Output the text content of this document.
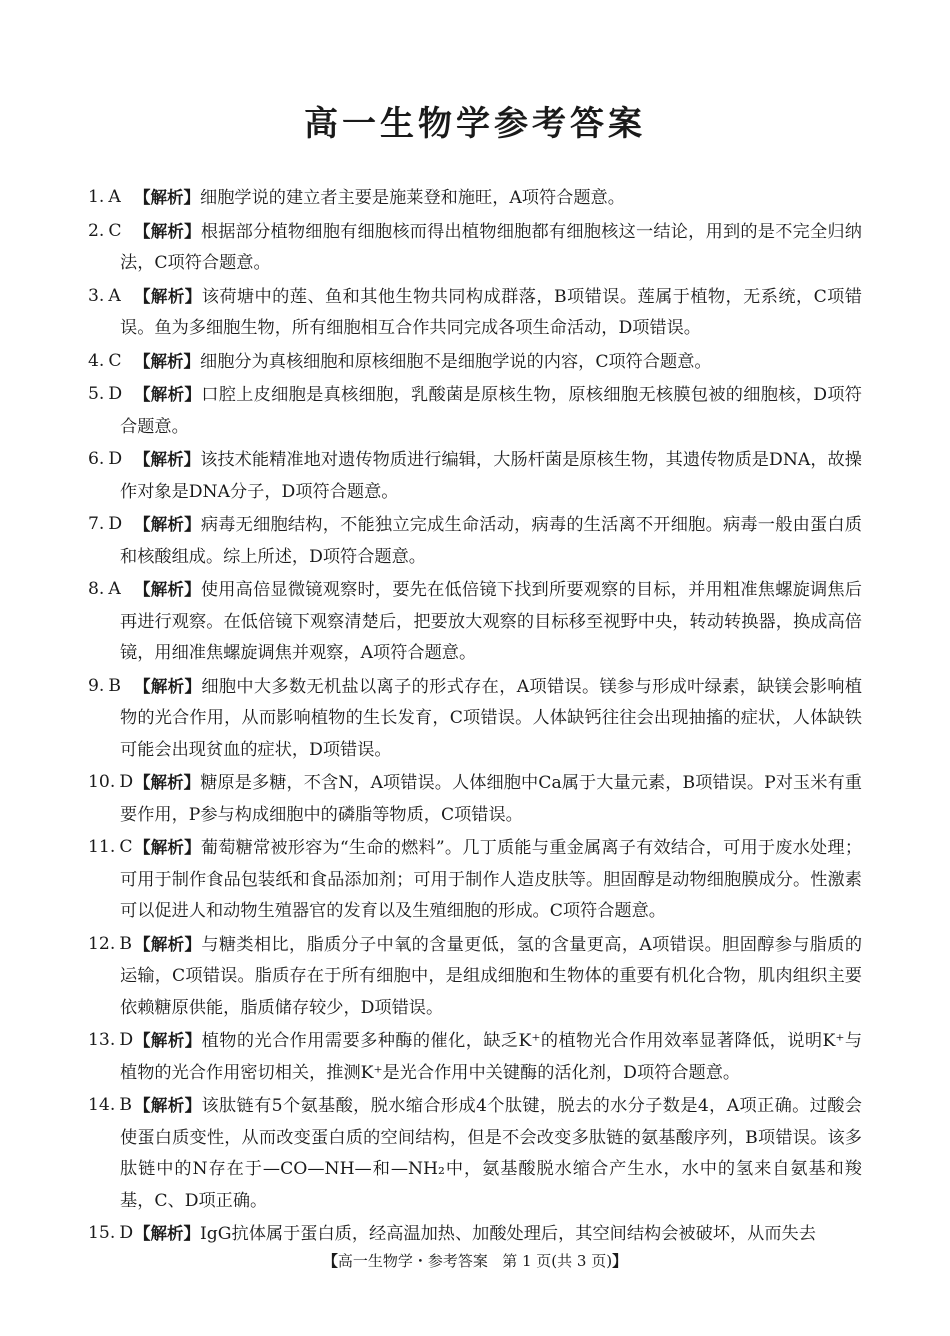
高一生物学参考答案
1. A 【解析】细胞学说的建立者主要是施莱登和施旺，A项符合题意。
2. C 【解析】根据部分植物细胞有细胞核而得出植物细胞都有细胞核这一结论，用到的是不完全归纳法，C项符合题意。
3. A 【解析】该荷塘中的莲、鱼和其他生物共同构成群落，B项错误。莲属于植物，无系统，C项错误。鱼为多细胞生物，所有细胞相互合作共同完成各项生命活动，D项错误。
4. C 【解析】细胞分为真核细胞和原核细胞不是细胞学说的内容，C项符合题意。
5. D 【解析】口腔上皮细胞是真核细胞，乳酸菌是原核生物，原核细胞无核膜包被的细胞核，D项符合题意。
6. D 【解析】该技术能精准地对遗传物质进行编辑，大肠杆菌是原核生物，其遗传物质是DNA，故操作对象是DNA分子，D项符合题意。
7. D 【解析】病毒无细胞结构，不能独立完成生命活动，病毒的生活离不开细胞。病毒一般由蛋白质和核酸组成。综上所述，D项符合题意。
8. A 【解析】使用高倍显微镜观察时，要先在低倍镜下找到所要观察的目标，并用粗准焦螺旋调焦后再进行观察。在低倍镜下观察清楚后，把要放大观察的目标移至视野中央，转动转换器，换成高倍镜，用细准焦螺旋调焦并观察，A项符合题意。
9. B 【解析】细胞中大多数无机盐以离子的形式存在，A项错误。镁参与形成叶绿素，缺镁会影响植物的光合作用，从而影响植物的生长发育，C项错误。人体缺钙往往会出现抽搐的症状，人体缺铁可能会出现贫血的症状，D项错误。
10. D 【解析】糖原是多糖，不含N，A项错误。人体细胞中Ca属于大量元素，B项错误。P对玉米有重要作用，P参与构成细胞中的磷脂等物质，C项错误。
11. C 【解析】葡萄糖常被形容为“生命的燃料”。几丁质能与重金属离子有效结合，可用于废水处理；可用于制作食品包装纸和食品添加剂；可用于制作人造皮肤等。胆固醇是动物细胞膜成分。性激素可以促进人和动物生殖器官的发育以及生殖细胞的形成。C项符合题意。
12. B 【解析】与糖类相比，脂质分子中氧的含量更低，氢的含量更高，A项错误。胆固醇参与脂质的运输，C项错误。脂质存在于所有细胞中，是组成细胞和生物体的重要有机化合物，肌肉组织主要依赖糖原供能，脂质储存较少，D项错误。
13. D 【解析】植物的光合作用需要多种酶的催化，缺乏K⁺的植物光合作用效率显著降低，说明K⁺与植物的光合作用密切相关，推测K⁺是光合作用中关键酶的活化剂，D项符合题意。
14. B 【解析】该肽链有5个氨基酸，脱水缩合形成4个肽键，脱去的水分子数是4，A项正确。过酸会使蛋白质变性，从而改变蛋白质的空间结构，但是不会改变多肽链的氨基酸序列，B项错误。该多肽链中的N存在于—CO—NH—和—NH₂中，氨基酸脱水缩合产生水，水中的氢来自氨基和羧基，C、D项正确。
15. D 【解析】IgG抗体属于蛋白质，经高温加热、加酸处理后，其空间结构会被破坏，从而失去
【高一生物学・参考答案 第 1 页(共 3 页)】
